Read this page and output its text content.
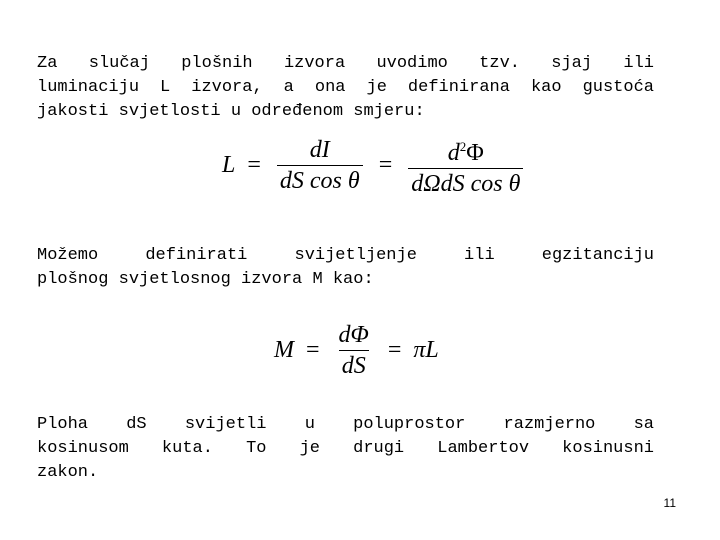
Za slučaj plošnih izvora uvodimo tzv. sjaj ili
luminaciju L izvora, a ona je definirana kao gustoća
jakosti svjetlosti u određenom smjeru:
$L = \frac{dI}{\text{dS cos θ}} = \frac{d^2\Phi}{\text{dΩdS cos θ}}$
Možemo definirati svijetljenje ili egzitanciju
plošnog svjetlosnog izvora M kao:
$M = \frac{d\Phi}{dS} = \pi L$
Ploha dS svijetli u poluprostor razmjerno sa
kosinusom kuta. To je drugi Lambertov kosinusni
zakon.
11
